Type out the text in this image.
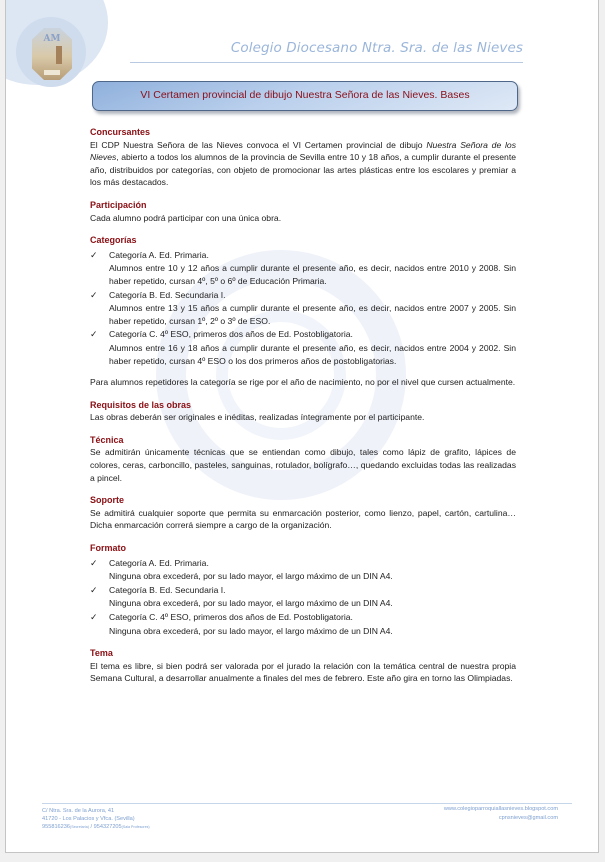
AM
Colegio Diocesano Ntra. Sra. de las Nieves
VI Certamen provincial de dibujo Nuestra Señora de las Nieves. Bases
Concursantes

El CDP Nuestra Señora de las Nieves convoca el VI Certamen provincial de dibujo Nuestra Señora de los Nieves, abierto a todos los alumnos de la provincia de Sevilla entre 10 y 18 años, a cumplir durante el presente año, distribuidos por categorías, con objeto de promocionar las artes plásticas entre los escolares y premiar a los más destacados.

Participación

Cada alumno podrá participar con una única obra.

Categorías
✓ Categoría A. Ed. Primaria.
Alumnos entre 10 y 12 años a cumplir durante el presente año, es decir, nacidos entre 2010 y 2008. Sin haber repetido, cursan 4º, 5º o 6º de Educación Primaria.
✓ Categoría B. Ed. Secundaria I.
Alumnos entre 13 y 15 años a cumplir durante el presente año, es decir, nacidos entre 2007 y 2005. Sin haber repetido, cursan 1º, 2º o 3º de ESO.
✓ Categoría C. 4º ESO, primeros dos años de Ed. Postobligatoria.
Alumnos entre 16 y 18 años a cumplir durante el presente año, es decir, nacidos entre 2004 y 2002. Sin haber repetido, cursan 4º ESO o los dos primeros años de postobligatorias.

Para alumnos repetidores la categoría se rige por el año de nacimiento, no por el nivel que cursen actualmente.

Requisitos de las obras

Las obras deberán ser originales e inéditas, realizadas íntegramente por el participante.

Técnica

Se admitirán únicamente técnicas que se entiendan como dibujo, tales como lápiz de grafito, lápices de colores, ceras, carboncillo, pasteles, sanguinas, rotulador, bolígrafo…, quedando excluidas todas las realizadas a pincel.

Soporte

Se admitirá cualquier soporte que permita su enmarcación posterior, como lienzo, papel, cartón, cartulina… Dicha enmarcación correrá siempre a cargo de la organización.

Formato
✓ Categoría A. Ed. Primaria.
Ninguna obra excederá, por su lado mayor, el largo máximo de un DIN A4.
✓ Categoría B. Ed. Secundaria I.
Ninguna obra excederá, por su lado mayor, el largo máximo de un DIN A4.
✓ Categoría C. 4º ESO, primeros dos años de Ed. Postobligatoria.
Ninguna obra excederá, por su lado mayor, el largo máximo de un DIN A4.
Tema

El tema es libre, si bien podrá ser valorada por el jurado la relación con la temática central de nuestra propia Semana Cultural, a desarrollar anualmente a finales del mes de febrero. Este año gira en torno las Olimpiadas.

C/ Ntra. Sra. de la Aurora, 41
41720 - Los Palacios y Vfca. (Sevilla)
955816236(Secretaría) / 954327205(Sala Profesores)
www.colegioparroquiallasnieves.blogspot.com
cpnsnieves@gmail.com
